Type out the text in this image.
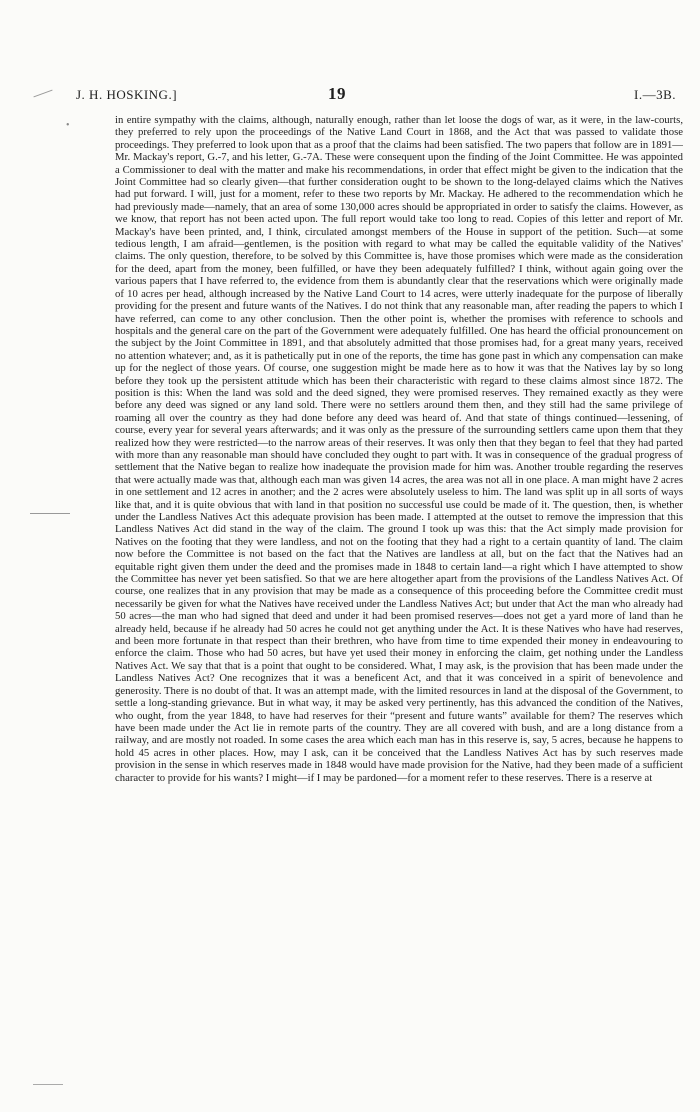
J. H. HOSKING.]	19	I.—3B.
•	in entire sympathy with the claims, although, naturally enough, rather than let loose the dogs of war, as it were, in the law-courts, they preferred to rely upon the proceedings of the Native Land Court in 1868, and the Act that was passed to validate those proceedings. They preferred to look upon that as a proof that the claims had been satisfied. The two papers that follow are in 1891—Mr. Mackay's report, G.-7, and his letter, G.-7A. These were consequent upon the finding of the Joint Committee. He was appointed a Commissioner to deal with the matter and make his recommendations, in order that effect might be given to the indication that the Joint Committee had so clearly given—that further consideration ought to be shown to the long-delayed claims which the Natives had put forward. I will, just for a moment, refer to these two reports by Mr. Mackay. He adhered to the recommendation which he had previously made—namely, that an area of some 130,000 acres should be appropriated in order to satisfy the claims. However, as we know, that report has not been acted upon. The full report would take too long to read. Copies of this letter and report of Mr. Mackay's have been printed, and, I think, circulated amongst members of the House in support of the petition. Such—at some tedious length, I am afraid—gentlemen, is the position with regard to what may be called the equitable validity of the Natives' claims. The only question, therefore, to be solved by this Committee is, have those promises which were made as the consideration for the deed, apart from the money, been fulfilled, or have they been adequately fulfilled? I think, without again going over the various papers that I have referred to, the evidence from them is abundantly clear that the reservations which were originally made of 10 acres per head, although increased by the Native Land Court to 14 acres, were utterly inadequate for the purpose of liberally providing for the present and future wants of the Natives. I do not think that any reasonable man, after reading the papers to which I have referred, can come to any other conclusion. Then the other point is, whether the promises with reference to schools and hospitals and the general care on the part of the Government were adequately fulfilled. One has heard the official pronouncement on the subject by the Joint Committee in 1891, and that absolutely admitted that those promises had, for a great many years, received no attention whatever; and, as it is pathetically put in one of the reports, the time has gone past in which any compensation can make up for the neglect of those years. Of course, one suggestion might be made here as to how it was that the Natives lay by so long before they took up the persistent attitude which has been their characteristic with regard to these claims almost since 1872. The position is this: When the land was sold and the deed signed, they were promised reserves. They remained exactly as they were before any deed was signed or any land sold. There were no settlers around them then, and they still had the same privilege of roaming all over the country as they had done before any deed was heard of. And that state of things continued—lessening, of course, every year for several years afterwards; and it was only as the pressure of the surrounding settlers came upon them that they realized how they were restricted—to the narrow areas of their reserves. It was only then that they began to feel that they had parted with more than any reasonable man should have concluded they ought to part with. It was in consequence of the gradual progress of settlement that the Native began to realize how inadequate the provision made for him was. Another trouble regarding the reserves that were actually made was that, although each man was given 14 acres, the area was not all in one place. A man might have 2 acres in one settlement and 12 acres in another; and the 2 acres were absolutely useless to him. The land was split up in all sorts of ways like that, and it is quite obvious that with land in that position no successful use could be made of it. The question, then, is whether under the Landless Natives Act this adequate provision has been made. I attempted at the outset to remove the impression that this Landless Natives Act did stand in the way of the claim. The ground I took up was this: that the Act simply made provision for Natives on the footing that they were landless, and not on the footing that they had a right to a certain quantity of land. The claim now before the Committee is not based on the fact that the Natives are landless at all, but on the fact that the Natives had an equitable right given them under the deed and the promises made in 1848 to certain land—a right which I have attempted to show the Committee has never yet been satisfied. So that we are here altogether apart from the provisions of the Landless Natives Act. Of course, one realizes that in any provision that may be made as a consequence of this proceeding before the Committee credit must necessarily be given for what the Natives have received under the Landless Natives Act; but under that Act the man who already had 50 acres—the man who had signed that deed and under it had been promised reserves—does not get a yard more of land than he already held, because if he already had 50 acres he could not get anything under the Act. It is these Natives who have had reserves, and been more fortunate in that respect than their brethren, who have from time to time expended their money in endeavouring to enforce the claim. Those who had 50 acres, but have yet used their money in enforcing the claim, get nothing under the Landless Natives Act. We say that that is a point that ought to be considered. What, I may ask, is the provision that has been made under the Landless Natives Act? One recognizes that it was a beneficent Act, and that it was conceived in a spirit of benevolence and generosity. There is no doubt of that. It was an attempt made, with the limited resources in land at the disposal of the Government, to settle a long-standing grievance. But in what way, it may be asked very pertinently, has this advanced the condition of the Natives, who ought, from the year 1848, to have had reserves for their “present and future wants” available for them? The reserves which have been made under the Act lie in remote parts of the country. They are all covered with bush, and are a long distance from a railway, and are mostly not roaded. In some cases the area which each man has in this reserve is, say, 5 acres, because he happens to hold 45 acres in other places. How, may I ask, can it be conceived that the Landless Natives Act has by such reserves made provision in the sense in which reserves made in 1848 would have made provision for the Native, had they been made of a sufficient character to provide for his wants? I might—if I may be pardoned—for a moment refer to these reserves. There is a reserve at
